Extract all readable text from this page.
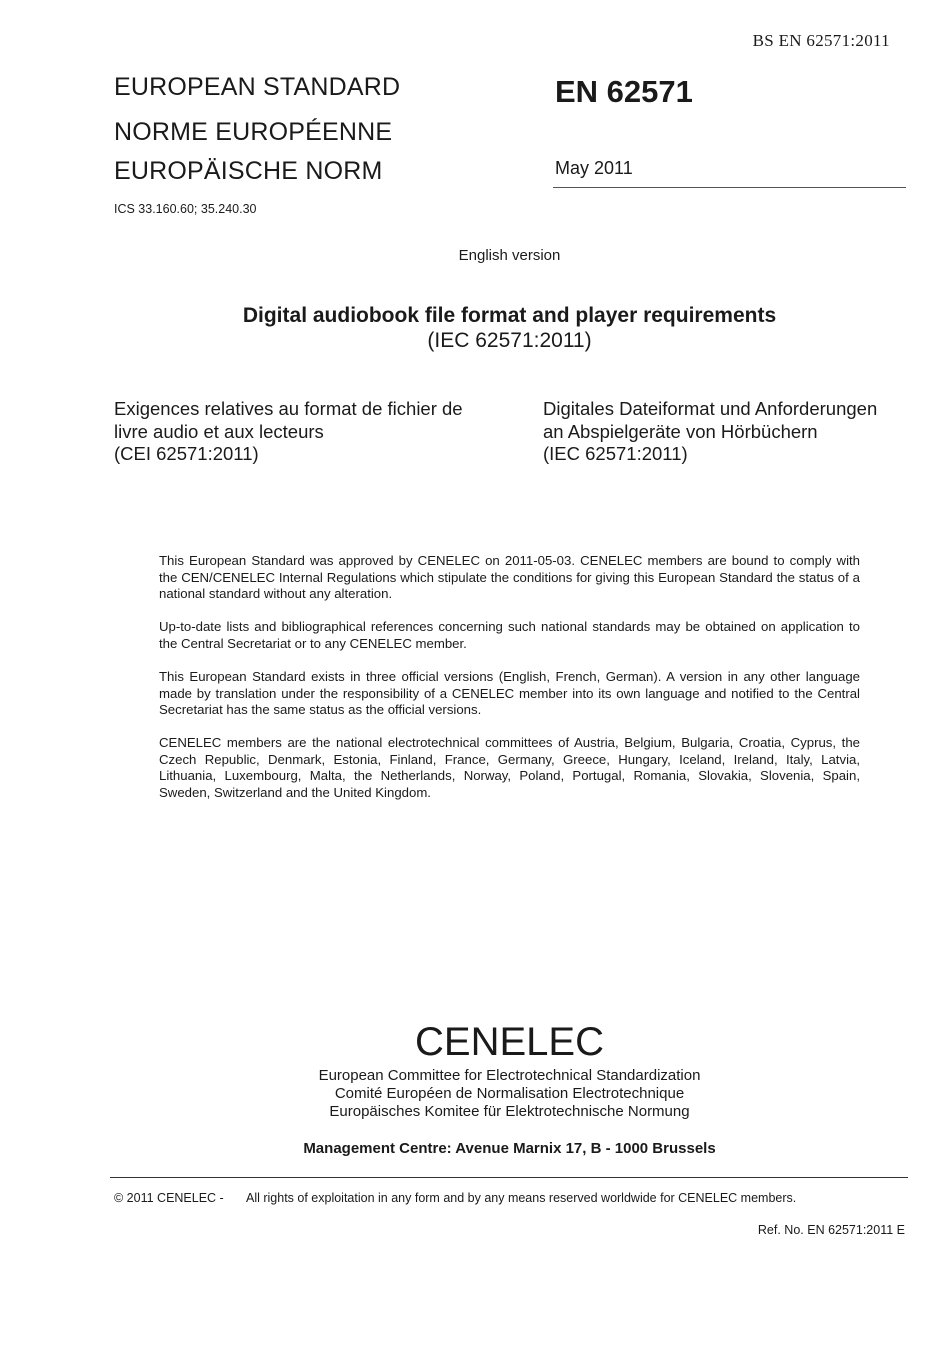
BS EN 62571:2011
EUROPEAN STANDARD
NORME EUROPÉENNE
EUROPÄISCHE NORM
EN 62571
May 2011
ICS 33.160.60; 35.240.30
English version
Digital audiobook file format and player requirements
(IEC 62571:2011)
Exigences relatives au format de fichier de
livre audio et aux lecteurs
(CEI 62571:2011)
Digitales Dateiformat und Anforderungen
an Abspielgeräte von Hörbüchern
(IEC 62571:2011)

This European Standard was approved by CENELEC on 2011-05-03. CENELEC members are bound to comply with the CEN/CENELEC Internal Regulations which stipulate the conditions for giving this European Standard the status of a national standard without any alteration.

Up-to-date lists and bibliographical references concerning such national standards may be obtained on application to the Central Secretariat or to any CENELEC member.

This European Standard exists in three official versions (English, French, German). A version in any other language made by translation under the responsibility of a CENELEC member into its own language and notified to the Central Secretariat has the same status as the official versions.

CENELEC members are the national electrotechnical committees of Austria, Belgium, Bulgaria, Croatia, Cyprus, the Czech Republic, Denmark, Estonia, Finland, France, Germany, Greece, Hungary, Iceland, Ireland, Italy, Latvia, Lithuania, Luxembourg, Malta, the Netherlands, Norway, Poland, Portugal, Romania, Slovakia, Slovenia, Spain, Sweden, Switzerland and the United Kingdom.

CENELEC
European Committee for Electrotechnical Standardization
Comité Européen de Normalisation Electrotechnique
Europäisches Komitee für Elektrotechnische Normung
Management Centre: Avenue Marnix 17, B - 1000 Brussels
© 2011 CENELEC - All rights of exploitation in any form and by any means reserved worldwide for CENELEC members.
Ref. No. EN 62571:2011 E
